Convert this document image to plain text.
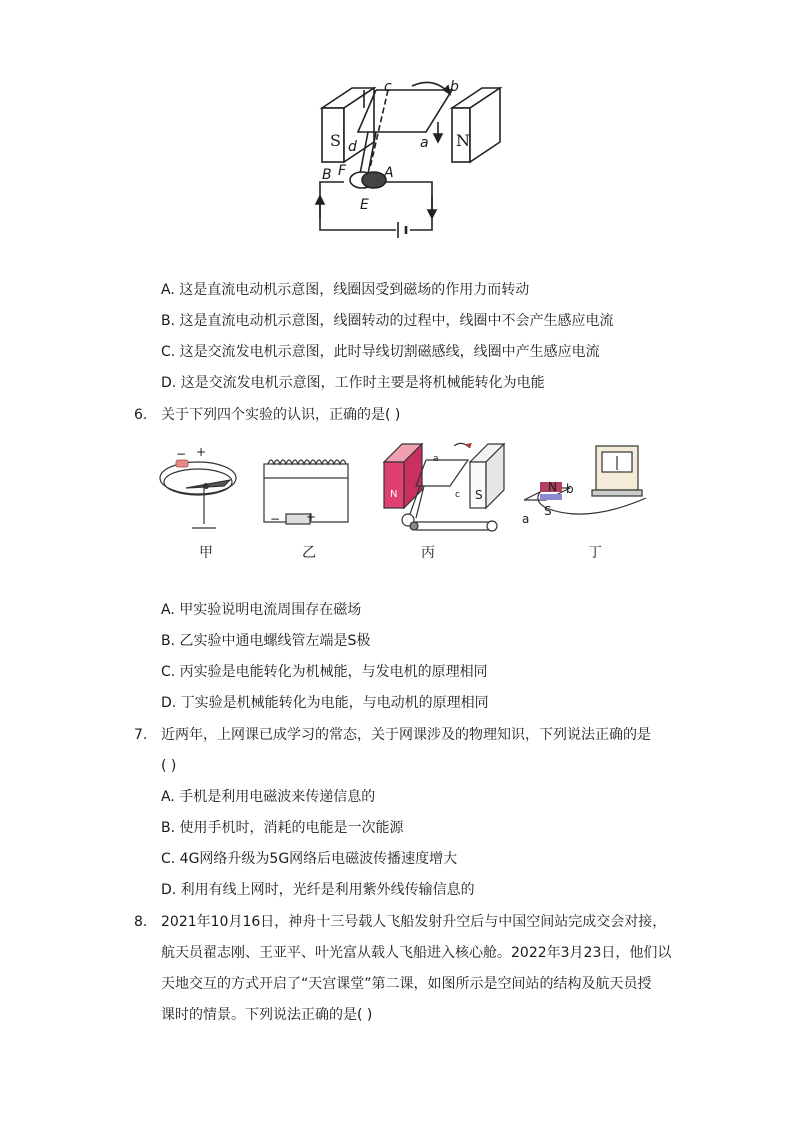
S	N
c	b
a
d
B F	A
E
A. 这是直流电动机示意图，线圈因受到磁场的作用力而转动
B. 这是直流电动机示意图，线圈转动的过程中，线圈中不会产生感应电流
C. 这是交流发电机示意图，此时导线切割磁感线，线圈中产生感应电流
D. 这是交流发电机示意图，工作时主要是将机械能转化为电能
6. 关于下列四个实验的认识，正确的是( )
− +
− +
N	S
a
c
N b
S
a
甲	乙	丙	丁
A. 甲实验说明电流周围存在磁场
B. 乙实验中通电螺线管左端是S极
C. 丙实验是电能转化为机械能，与发电机的原理相同
D. 丁实验是机械能转化为电能，与电动机的原理相同
7. 近两年，上网课已成学习的常态，关于网课涉及的物理知识，下列说法正确的是
( )
A. 手机是利用电磁波来传递信息的
B. 使用手机时，消耗的电能是一次能源
C. 4G网络升级为5G网络后电磁波传播速度增大
D. 利用有线上网时，光纤是利用紫外线传输信息的
8. 2021年10月16日，神舟十三号载人飞船发射升空后与中国空间站完成交会对接，
航天员翟志刚、王亚平、叶光富从载人飞船进入核心舱。2022年3月23日，他们以
天地交互的方式开启了“天宫课堂”第二课，如图所示是空间站的结构及航天员授
课时的情景。下列说法正确的是( )
